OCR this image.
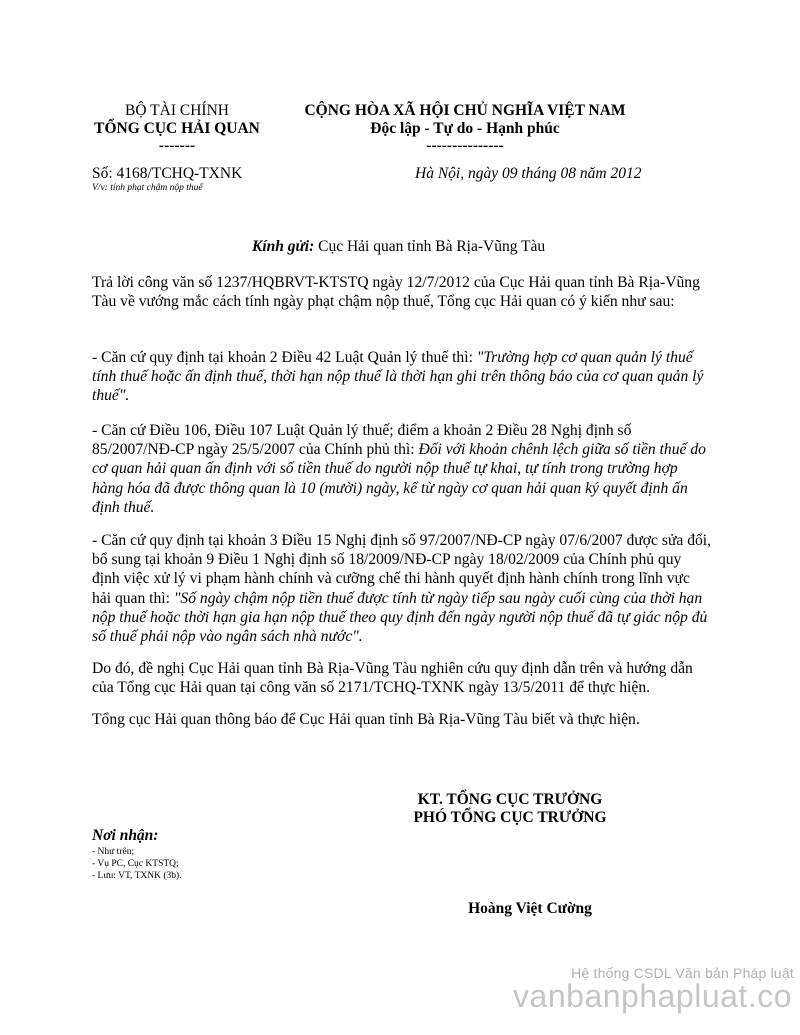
BỘ TÀI CHÍNH
TỔNG CỤC HẢI QUAN
-------
CỘNG HÒA XÃ HỘI CHỦ NGHĨA VIỆT NAM
Độc lập - Tự do - Hạnh phúc
---------------
Số: 4168/TCHQ-TXNK
V/v: tính phạt chậm nộp thuế
Hà Nội, ngày 09 tháng 08 năm 2012
Kính gửi: Cục Hải quan tỉnh Bà Rịa-Vũng Tàu
Trả lời công văn số 1237/HQBRVT-KTSTQ ngày 12/7/2012 của Cục Hải quan tỉnh Bà Rịa-Vũng Tàu về vướng mắc cách tính ngày phạt chậm nộp thuế, Tổng cục Hải quan có ý kiến như sau:
- Căn cứ quy định tại khoản 2 Điều 42 Luật Quản lý thuế thì: "Trường hợp cơ quan quản lý thuế tính thuế hoặc ấn định thuế, thời hạn nộp thuế là thời hạn ghi trên thông báo của cơ quan quản lý thuế".
- Căn cứ Điều 106, Điều 107 Luật Quản lý thuế; điểm a khoản 2 Điều 28 Nghị định số 85/2007/NĐ-CP ngày 25/5/2007 của Chính phủ thì: Đối với khoản chênh lệch giữa số tiền thuế do cơ quan hải quan ấn định với số tiền thuế do người nộp thuế tự khai, tự tính trong trường hợp hàng hóa đã được thông quan là 10 (mười) ngày, kể từ ngày cơ quan hải quan ký quyết định ấn định thuế.
- Căn cứ quy định tại khoản 3 Điều 15 Nghị định số 97/2007/NĐ-CP ngày 07/6/2007 được sửa đổi, bổ sung tại khoản 9 Điều 1 Nghị định số 18/2009/NĐ-CP ngày 18/02/2009 của Chính phủ quy định việc xử lý vi phạm hành chính và cưỡng chế thi hành quyết định hành chính trong lĩnh vực hải quan thì: "Số ngày chậm nộp tiền thuế được tính từ ngày tiếp sau ngày cuối cùng của thời hạn nộp thuế hoặc thời hạn gia hạn nộp thuế theo quy định đến ngày người nộp thuế đã tự giác nộp đủ số thuế phải nộp vào ngân sách nhà nước".
Do đó, đề nghị Cục Hải quan tỉnh Bà Rịa-Vũng Tàu nghiên cứu quy định dẫn trên và hướng dẫn của Tổng cục Hải quan tại công văn số 2171/TCHQ-TXNK ngày 13/5/2011 để thực hiện.
Tổng cục Hải quan thông báo để Cục Hải quan tỉnh Bà Rịa-Vũng Tàu biết và thực hiện.
KT. TỔNG CỤC TRƯỞNG
PHÓ TỔNG CỤC TRƯỞNG
Hoàng Việt Cường
Nơi nhận:
- Như trên;
- Vụ PC, Cục KTSTQ;
- Lưu: VT, TXNK (3b).
Hệ thống CSDL Văn bản Pháp luật
vanbanphapluat.co
